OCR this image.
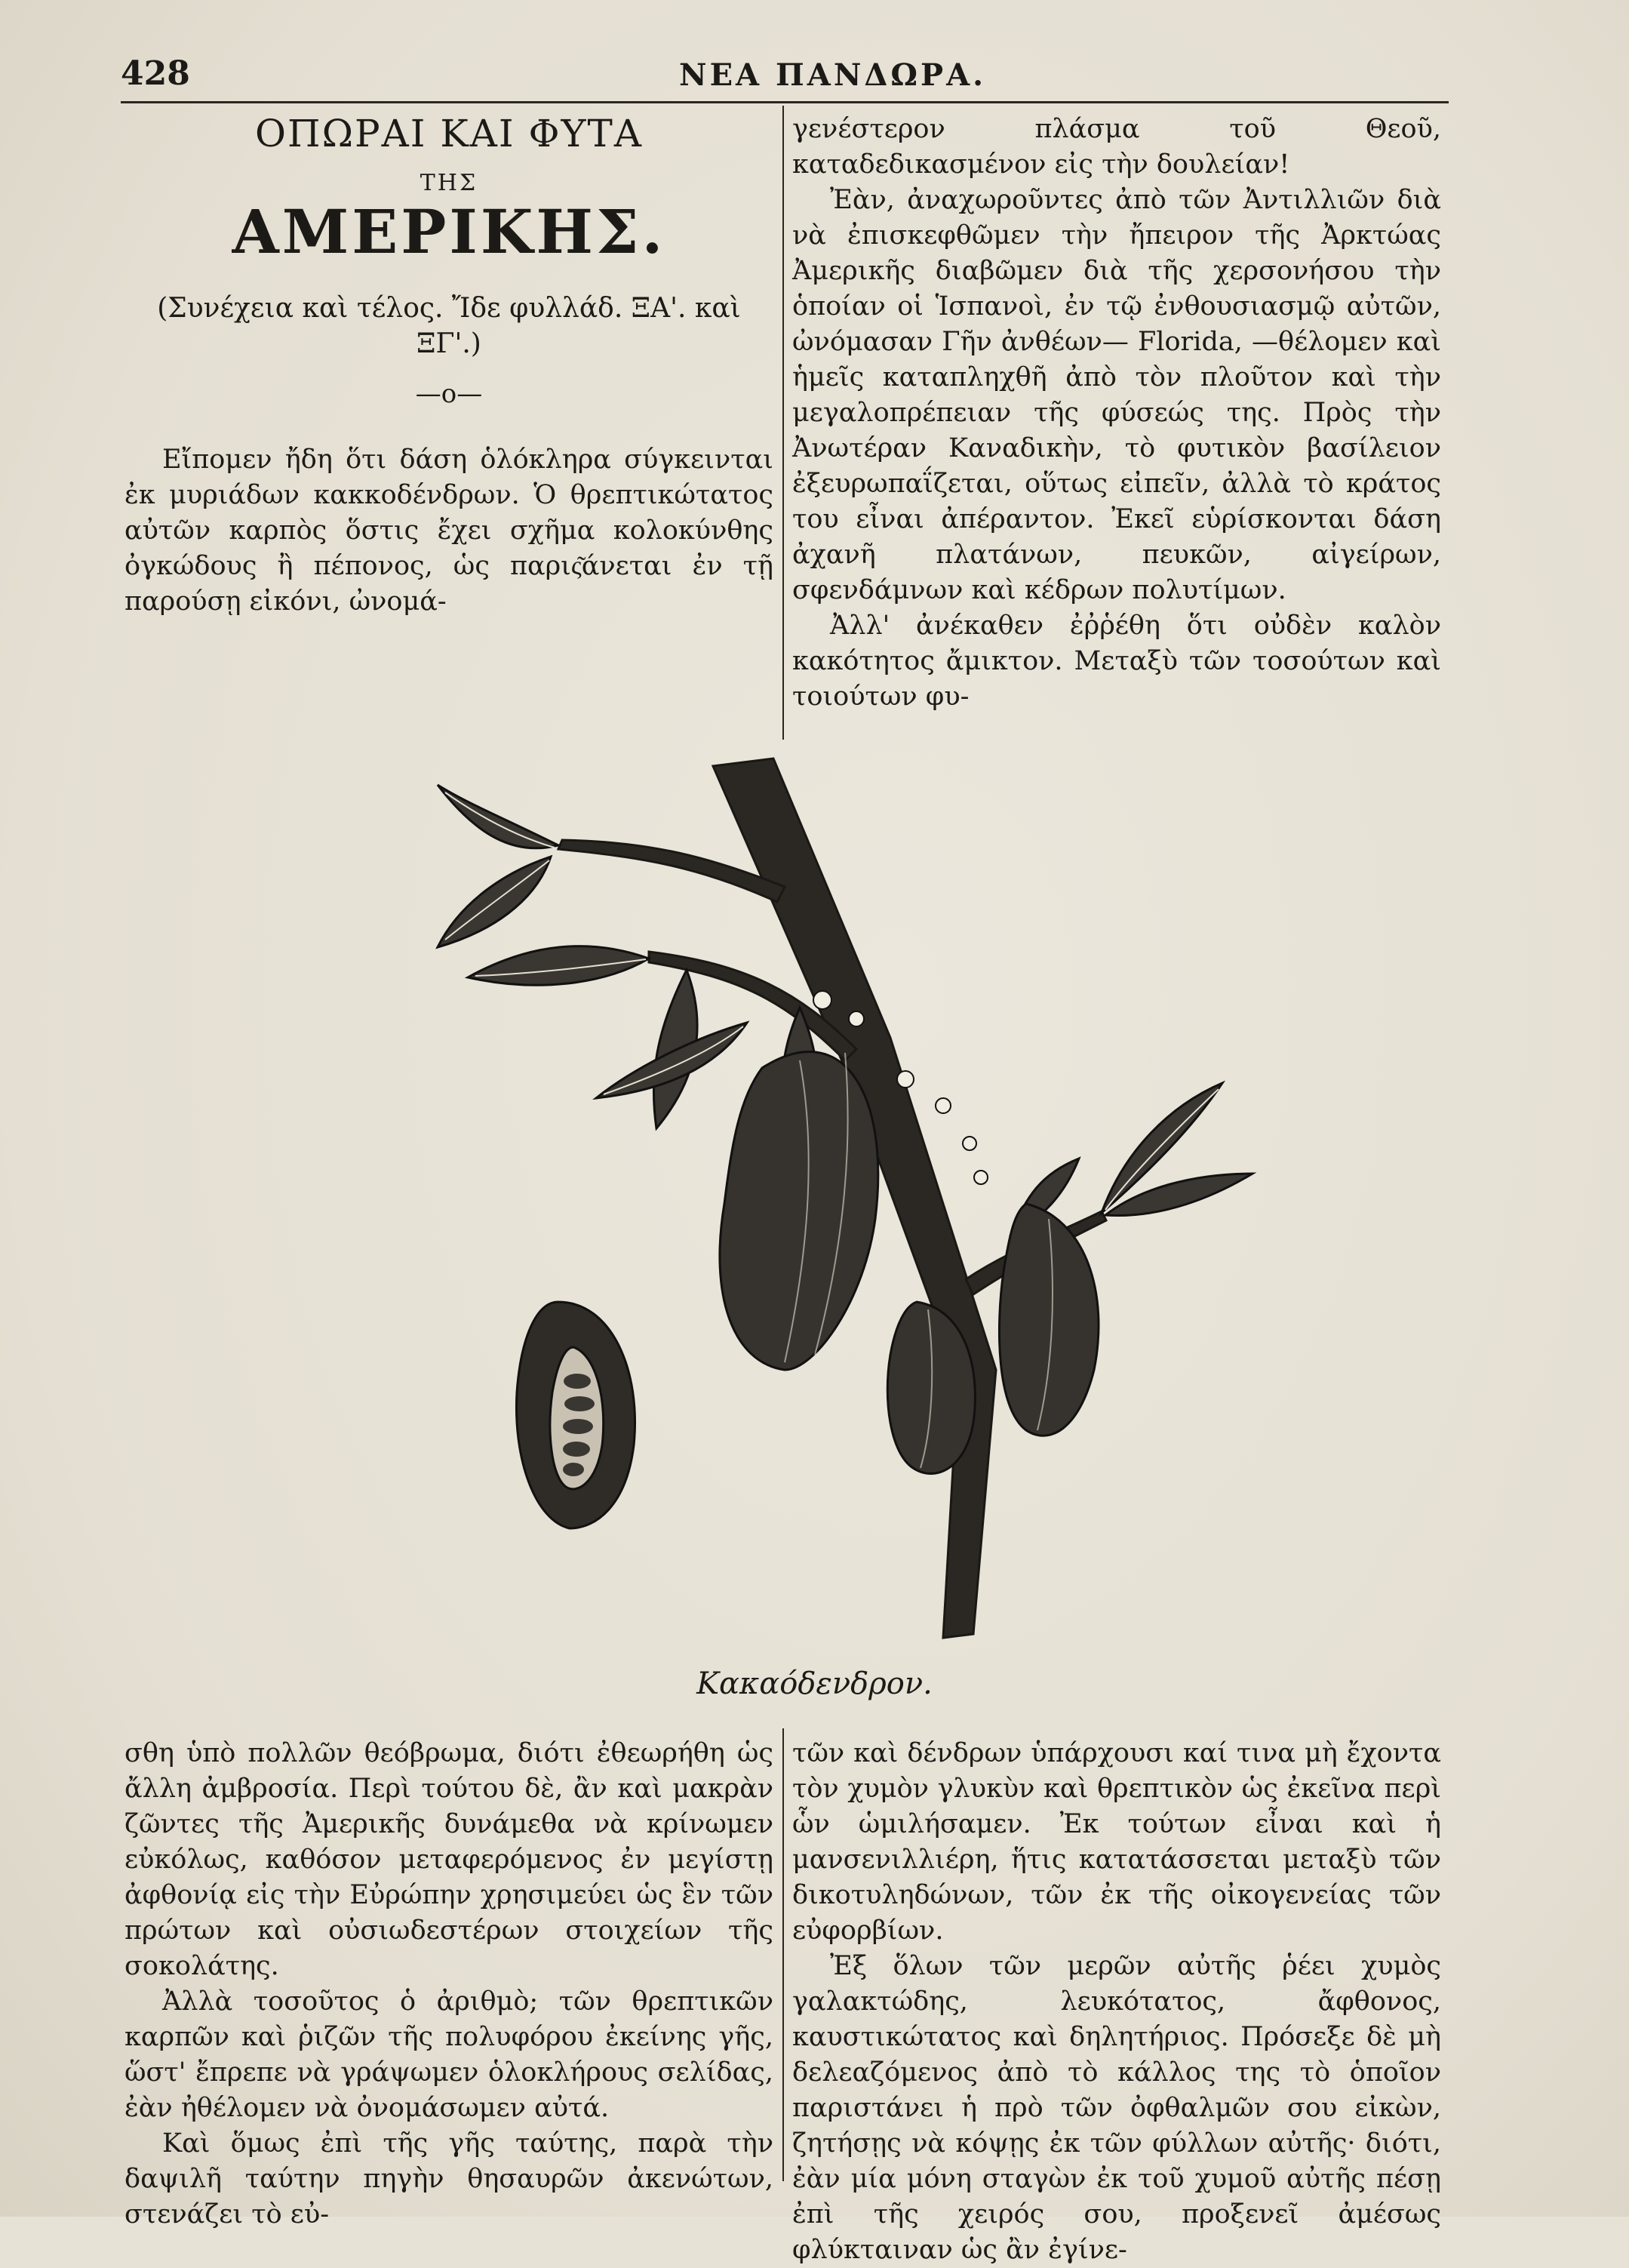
428	ΝΕΑ ΠΑΝΔΩΡΑ.
ΟΠΩΡΑΙ ΚΑΙ ΦΥΤΑ
ΤΗΣ
ΑΜΕΡΙΚΗΣ.
(Συνέχεια καὶ τέλος. Ἴδε φυλλάδ. ΞΑ'. καὶ ΞΓ'.)
—o—

Εἴπομεν ἤδη ὅτι δάση ὁλόκληρα σύγκεινται ἐκ μυριάδων κακκοδένδρων. Ὁ θρεπτικώτατος αὐτῶν καρπὸς ὅστις ἔχει σχῆμα κολοκύνθης ὀγκώδους ἢ πέπονος, ὡς παρις͂άνεται ἐν τῇ παρούσῃ εἰκόνι, ὠνομά-

γενέστερον πλάσμα τοῦ Θεοῦ, καταδεδικασμένον εἰς τὴν δουλείαν!

Ἐὰν, ἀναχωροῦντες ἀπὸ τῶν Ἀντιλλιῶν διὰ νὰ ἐπισκεφθῶμεν τὴν ἤπειρον τῆς Ἀρκτώας Ἀμερικῆς διαβῶμεν διὰ τῆς χερσονήσου τὴν ὁποίαν οἱ Ἱσπανοὶ, ἐν τῷ ἐνθουσιασμῷ αὐτῶν, ὠνόμασαν Γῆν ἀνθέων— Florida, —θέλομεν καὶ ἡμεῖς καταπληχθῆ ἀπὸ τὸν πλοῦτον καὶ τὴν μεγαλοπρέπειαν τῆς φύσεώς της. Πρὸς τὴν Ἀνωτέραν Καναδικὴν, τὸ φυτικὸν βασίλειον ἐξευρωπαΐζεται, οὕτως εἰπεῖν, ἀλλὰ τὸ κράτος του εἶναι ἀπέραντον. Ἐκεῖ εὑρίσκονται δάση ἀχανῆ πλατάνων, πευκῶν, αἰγείρων, σφενδάμνων καὶ κέδρων πολυτίμων.

Ἀλλ' ἀνέκαθεν ἐῤῥέθη ὅτι οὐδὲν καλὸν κακότητος ἄμικτον. Μεταξὺ τῶν τοσούτων καὶ τοιούτων φυ-

Κακαόδενδρον.

σθη ὑπὸ πολλῶν θεόβρωμα, διότι ἐθεωρήθη ὡς ἄλλη ἀμβροσία. Περὶ τούτου δὲ, ἂν καὶ μακρὰν ζῶντες τῆς Ἀμερικῆς δυνάμεθα νὰ κρίνωμεν εὐκόλως, καθόσον μεταφερόμενος ἐν μεγίστῃ ἀφθονίᾳ εἰς τὴν Εὐρώπην χρησιμεύει ὡς ἓν τῶν πρώτων καὶ οὐσιωδεστέρων στοιχείων τῆς σοκολάτης.

Ἀλλὰ τοσοῦτος ὁ ἀριθμὸ; τῶν θρεπτικῶν καρπῶν καὶ ῥιζῶν τῆς πολυφόρου ἐκείνης γῆς, ὥστ' ἔπρεπε νὰ γράψωμεν ὁλοκλήρους σελίδας, ἐὰν ἠθέλομεν νὰ ὀνομάσωμεν αὐτά.

Καὶ ὅμως ἐπὶ τῆς γῆς ταύτης, παρὰ τὴν δαψιλῆ ταύτην πηγὴν θησαυρῶν ἀκενώτων, στενάζει τὸ εὐ-

τῶν καὶ δένδρων ὑπάρχουσι καί τινα μὴ ἔχοντα τὸν χυμὸν γλυκὺν καὶ θρεπτικὸν ὡς ἐκεῖνα περὶ ὧν ὡμιλήσαμεν. Ἐκ τούτων εἶναι καὶ ἡ μανσενιλλιέρη, ἥτις κατατάσσεται μεταξὺ τῶν δικοτυληδώνων, τῶν ἐκ τῆς οἰκογενείας τῶν εὐφορβίων.

Ἐξ ὅλων τῶν μερῶν αὐτῆς ῥέει χυμὸς γαλακτώδης, λευκότατος, ἄφθονος, καυστικώτατος καὶ δηλητήριος. Πρόσεξε δὲ μὴ δελεαζόμενος ἀπὸ τὸ κάλλος της τὸ ὁποῖον παριστάνει ἡ πρὸ τῶν ὀφθαλμῶν σου εἰκὼν, ζητήσῃς νὰ κόψῃς ἐκ τῶν φύλλων αὐτῆς· διότι, ἐὰν μία μόνη σταγὼν ἐκ τοῦ χυμοῦ αὐτῆς πέσῃ ἐπὶ τῆς χειρός σου, προξενεῖ ἀμέσως φλύκταιναν ὡς ἂν ἐγίνε-
